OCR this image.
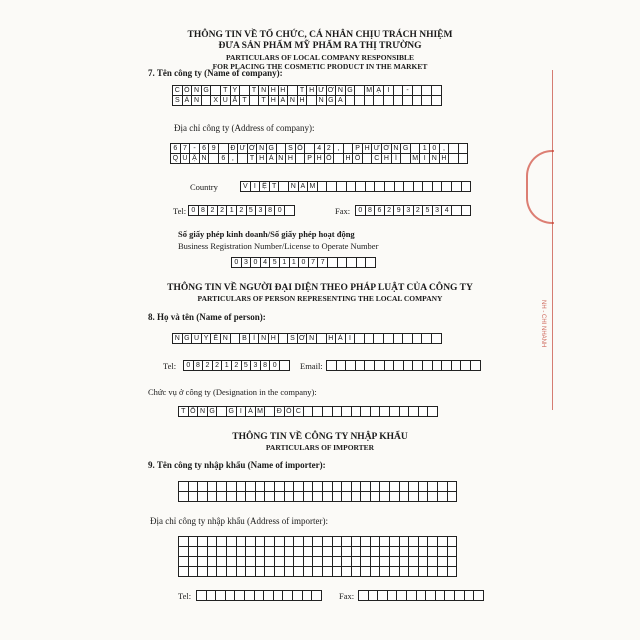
THÔNG TIN VỀ TỔ CHỨC, CÁ NHÂN CHỊU TRÁCH NHIỆM
ĐƯA SẢN PHẨM MỸ PHẨM RA THỊ TRƯỜNG
PARTICULARS OF LOCAL COMPANY RESPONSIBLE
FOR PLACING THE COSMETIC PRODUCT IN THE MARKET
7. Tên công ty (Name of company):
C Ô N G	T Y	T N H H	T H Ư Ơ N G	M Ạ I	-
S Ả N	X U Ấ T	T H A N H	N G A
Địa chỉ công ty (Address of company):
6 7 - 6 9	Đ Ư Ờ N G	S Ố	4 2 ,	P H Ư Ờ N G	1 0 ,
Q U Ậ N	6 ,	T H À N H	P H Ố	H Ồ	C H Í	M I N H
Country	V I Ệ T	N A M
Tel: 0 8 2 2 1 2 5 3 8 0	Fax:	0 8 6 2 9 3 2 5 3 4
Số giấy phép kinh doanh/Số giấy phép hoạt động
Business Registration Number/License to Operate Number
0 3 0 4 5 1 1 0 7 7
THÔNG TIN VỀ NGƯỜI ĐẠI DIỆN THEO PHÁP LUẬT CỦA CÔNG TY
PARTICULARS OF PERSON REPRESENTING THE LOCAL COMPANY
8. Họ và tên (Name of person):
N G U Y Ễ N	B Ì N H	S Ơ N	H Ả I
Tel:	0 8 2 2 1 2 5 3 8 0	Email:
Chức vụ ở công ty (Designation in the company):
T Ổ N G	G I Á M	Đ Ố C
THÔNG TIN VỀ CÔNG TY NHẬP KHẨU
PARTICULARS OF IMPORTER
9. Tên công ty nhập khẩu (Name of importer):
Địa chỉ công ty nhập khẩu (Address of importer):
Tel:	Fax:
NH - CHI NHÁNH
